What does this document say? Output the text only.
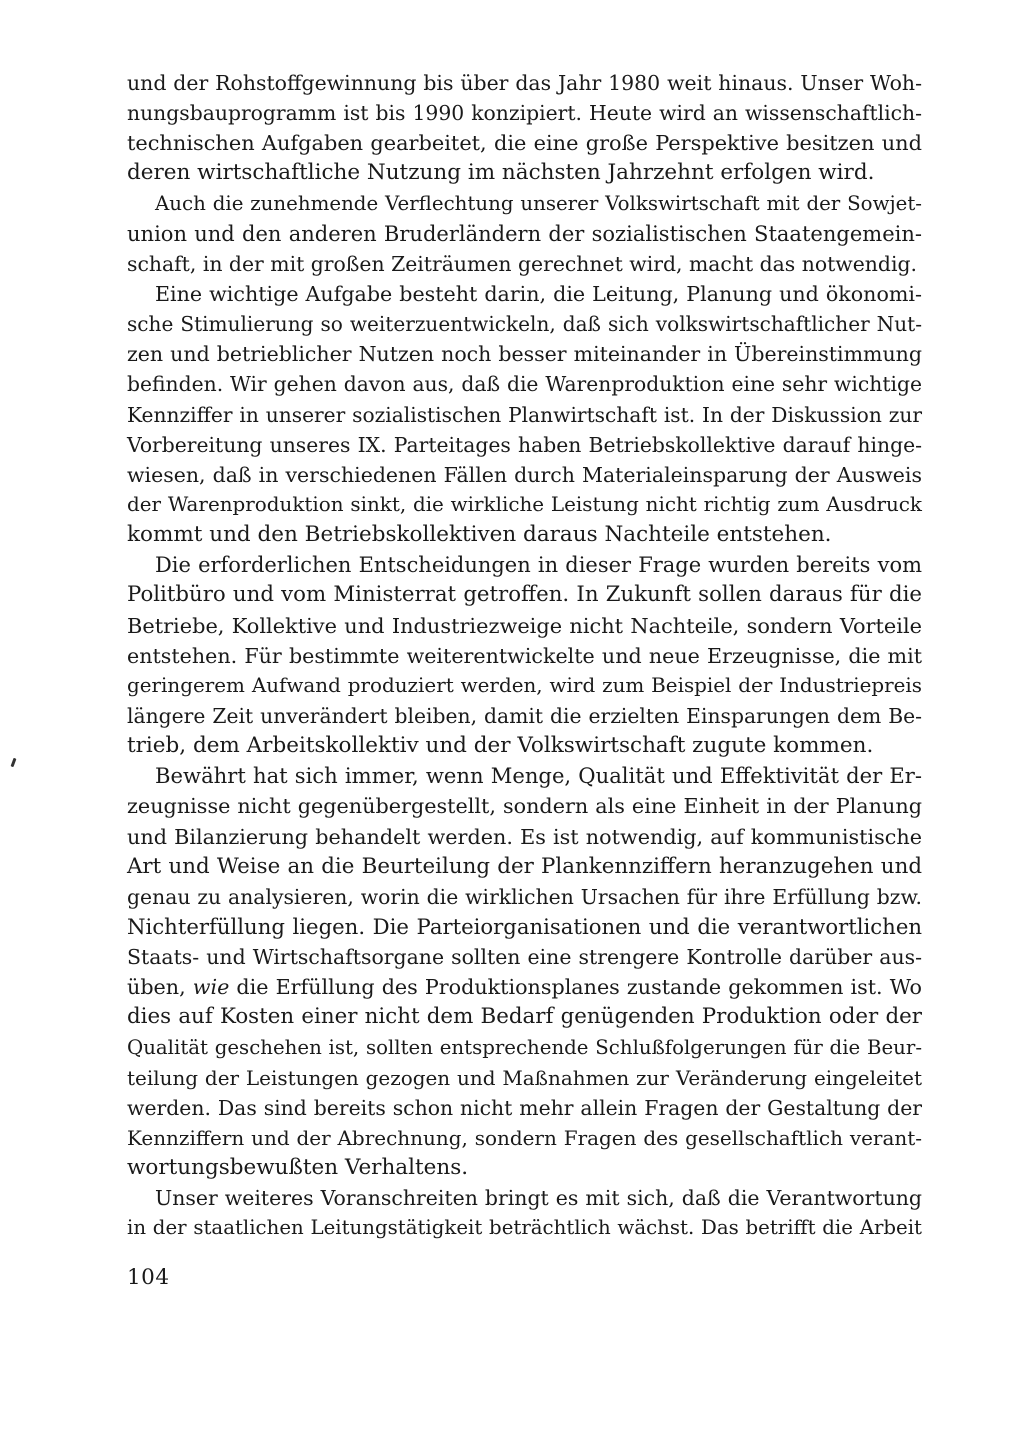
und der Rohstoffgewinnung bis über das Jahr 1980 weit hinaus. Unser Woh-
nungsbauprogramm ist bis 1990 konzipiert. Heute wird an wissenschaftlich-
technischen Aufgaben gearbeitet, die eine große Perspektive besitzen und
deren wirtschaftliche Nutzung im nächsten Jahrzehnt erfolgen wird.

Auch die zunehmende Verflechtung unserer Volkswirtschaft mit der Sowjet-
union und den anderen Bruderländern der sozialistischen Staatengemein-
schaft, in der mit großen Zeiträumen gerechnet wird, macht das notwendig.

Eine wichtige Aufgabe besteht darin, die Leitung, Planung und ökonomi-
sche Stimulierung so weiterzuentwickeln, daß sich volkswirtschaftlicher Nut-
zen und betrieblicher Nutzen noch besser miteinander in Übereinstimmung
befinden. Wir gehen davon aus, daß die Warenproduktion eine sehr wichtige
Kennziffer in unserer sozialistischen Planwirtschaft ist. In der Diskussion zur
Vorbereitung unseres IX. Parteitages haben Betriebskollektive darauf hinge-
wiesen, daß in verschiedenen Fällen durch Materialeinsparung der Ausweis
der Warenproduktion sinkt, die wirkliche Leistung nicht richtig zum Ausdruck
kommt und den Betriebskollektiven daraus Nachteile entstehen.

Die erforderlichen Entscheidungen in dieser Frage wurden bereits vom
Politbüro und vom Ministerrat getroffen. In Zukunft sollen daraus für die
Betriebe, Kollektive und Industriezweige nicht Nachteile, sondern Vorteile
entstehen. Für bestimmte weiterentwickelte und neue Erzeugnisse, die mit
geringerem Aufwand produziert werden, wird zum Beispiel der Industriepreis
längere Zeit unverändert bleiben, damit die erzielten Einsparungen dem Be-
trieb, dem Arbeitskollektiv und der Volkswirtschaft zugute kommen.

Bewährt hat sich immer, wenn Menge, Qualität und Effektivität der Er-
zeugnisse nicht gegenübergestellt, sondern als eine Einheit in der Planung
und Bilanzierung behandelt werden. Es ist notwendig, auf kommunistische
Art und Weise an die Beurteilung der Plankennziffern heranzugehen und
genau zu analysieren, worin die wirklichen Ursachen für ihre Erfüllung bzw.
Nichterfüllung liegen. Die Parteiorganisationen und die verantwortlichen
Staats- und Wirtschaftsorgane sollten eine strengere Kontrolle darüber aus-
üben, wie die Erfüllung des Produktionsplanes zustande gekommen ist. Wo
dies auf Kosten einer nicht dem Bedarf genügenden Produktion oder der
Qualität geschehen ist, sollten entsprechende Schlußfolgerungen für die Beur-
teilung der Leistungen gezogen und Maßnahmen zur Veränderung eingeleitet
werden. Das sind bereits schon nicht mehr allein Fragen der Gestaltung der
Kennziffern und der Abrechnung, sondern Fragen des gesellschaftlich verant-
wortungsbewußten Verhaltens.

Unser weiteres Voranschreiten bringt es mit sich, daß die Verantwortung
in der staatlichen Leitungstätigkeit beträchtlich wächst. Das betrifft die Arbeit

104
